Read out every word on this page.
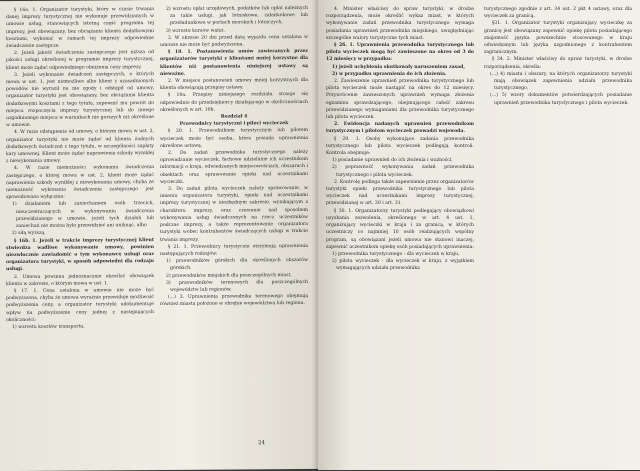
§ 16a. 1. Organizator turystyki, który w czasie trwania danej imprezy turystycznej nie wykonuje przewidzianych w umowie usług, stanowiących istotną część programu tej imprezy, jest obowiązany, bez obciążania klienta dodatkowymi kosztami, wykonać w ramach tej imprezy odpowiednie świadczenie zastępcze.

2. Jeżeli jakość świadczenia zastępczego jest niższa od jakości usługi określonej w programie imprezy turystycznej, klient może żądać odpowiedniego obniżenia ceny imprezy.

3. Jeżeli wykonanie świadczeń zastępczych, o których mowa w ust. 1, jest niemożliwe albo klient z uzasadnionych powodów nie wyraził na nie zgody i odstąpił od umowy, organizator turystyki jest obowiązany, bez obciążania klienta dodatkowymi kosztami z tego tytułu, zapewnić mu powrót do miejsca rozpoczęcia imprezy turystycznej lub do innego uzgodnionego miejsca w warunkach nie gorszych niż określone w umowie.

4. W razie odstąpienia od umowy, o którym mowa w ust. 2, organizator turystyki nie może żądać od klienta żadnych dodatkowych świadczeń z tego tytułu, w szczególności zapłaty kary umownej. Klient może żądać naprawienia szkody wynikłej z niewykonania umowy.

4. W razie niemożności wykonania świadczenia zastępczego, o której mowa w ust. 2, klient może żądać naprawienia szkody wynikłej z niewykonania umowy, chyba że niemożność wykonania świadczenia zastępczego jest spowodowana wyłącznie:

1) działaniem lub zaniechaniem osób trzecich, nieuczestniczących w wykonywaniu świadczenia przewidzianego w umowie, jeżeli tych działań lub zaniechań nie można było przewidzieć ani uniknąć, albo

2) siłą wyższą.

§ 16b. 1. Jeżeli w trakcie imprezy turystycznej klient stwierdza wadliwe wykonywanie umowy, powinien niezwłocznie zawiadomić o tym wykonawcę usługi oraz organizatora turystyki, w sposób odpowiedni dla rodzaju usługi.

2. Umowa powinna jednoznacznie określać obowiązek klienta w zakresie, o którym mowa w ust. 1.

§ 17. 1. Cena ustalona w umowie nie może być podwyższona, chyba że umowa wyraźnie przewiduje możliwość podwyższenia ceny, a organizator turystyki udokumentuje wpływ na podwyższenie ceny jednej z następujących okoliczności:

1) wzrostu kosztów transportu,

2) wzrostu opłat urzędowych, podatków lub opłat należnych za takie usługi, jak lotniskowe, załadunkowe lub przeładunkowe w portach morskich i lotniczych,

3) wzrostu kursów walut.

2. W okresie 20 dni przed datą wyjazdu cena ustalona w umowie nie może być podwyższona.

§ 18. 1. Postanowienia umów zawieranych przez organizatorów turystyki z klientami mniej korzystne dla klientów niż postanowienia niniejszej ustawy są nieważne.

2. W miejsce postanowień umowy mniej korzystnych dla klienta obowiązują przepisy ustawy.

§ 18a. Przepisy niniejszego rozdziału stosuje się odpowiednio do przedsiębiorcy działającego w okolicznościach określonych w art. 10b.

Rozdział 4

Przewodnicy turystyczni i piloci wycieczek

§ 20. 1. Przewodnikiem turystycznym lub pilotem wycieczek może być osoba, która posiada uprawnienia określone ustawą.

2. Do zadań przewodnika turystycznego należy oprowadzanie wycieczek, fachowe udzielanie ich uczestnikom informacji o kraju, odwiedzanych miejscowościach, obszarach i obiektach oraz sprawowanie opieki nad uczestnikami wycieczki.

3. Do zadań pilota wycieczek należy sprawowanie, w imieniu organizatora turystyki, opieki nad uczestnikami imprezy turystycznej w niezbędnym zakresie, wynikającym z charakteru imprezy, oraz czuwanie nad sposobem wykonywania usług świadczonych na rzecz uczestników podczas imprezy, a także reprezentowanie organizatora turystyki wobec kontrahentów świadczących usługi w trakcie trwania imprezy.

§ 21. 1. Przewodnicy turystyczni otrzymują uprawnienia następujących rodzajów:

1) przewodników górskich dla określonych obszarów górskich,

2) przewodników miejskich dla poszczególnych miast,

3) przewodników terenowych dla poszczególnych województw lub regionów.

(...) 3. Uprawnienia przewodnika terenowego obejmują również miasta położone w obrębie województwa lub regionu.

24

4. Minister właściwy do spraw turystyki, w drodze rozporządzenia, może określić wykaz miast, w których wykonywanie zadań przewodnika turystycznego wymaga posiadania uprawnień przewodnika miejskiego, uwzględniając szczególne walory turystyczne tych miast.

§ 26. 1. Uprawnienia przewodnika turystycznego lub pilota wycieczek mogą być zawieszone na okres od 3 do 12 miesięcy w przypadku:

1) jeżeli uchybienia skutkowały naruszeniem zasad,

2) w przypadku uprawnienia do ich złożenia.

2. Zawieszenie uprawnień przewodnika turystycznego lub pilota wycieczek może nastąpić na okres do 12 miesięcy. Przywrócenie zawieszonych uprawnień wymaga złożenia egzaminu sprawdzającego, obejmującego całość zakresu przewidzianego wymaganiami dla przewodnika turystycznego lub pilota wycieczek.

2. Ewidencja nadanych uprawnień przewodnikom turystycznym i pilotom wycieczek prowadzi wojewoda.

§ 29. 1. Osoby wykonujące zadania przewodnika turystycznego lub pilota wycieczek podlegają kontroli. Kontrola obejmuje:

1) posiadanie uprawnień do ich złożenia i ważności,

2) poprawność wykonywania zadań przewodnika turystycznego i pilota wycieczek.

2. Kontrolę podlega także zapewnienie przez organizatorów turystyki opieki przewodnika turystycznego lub pilota wycieczek nad uczestnikami imprezy turystycznej, przewidzianej w art. 30 i art. 31.

§ 30. 1. Organizatorzy turystyki podlegający obowiązkowi uzyskania zezwolenia, określonego w art. 4 ust. 1, organizujący wycieczki w kraju i za granicą, w których uczestniczy co najmniej 10 osób realizujących wspólny program, są obowiązani jeżeli umowa nie stanowi inaczej, zapewnić uczestnikom opiekę osób posiadających uprawnienia:

1) przewodnika turystycznego - dla wycieczek w kraju,

2) pilota wycieczek - dla wycieczek w kraju, z wyjątkiem wymagających udziału przewodnika

turystycznego zgodnie z art. 34 ust. 2 pkt 4 ustawy, oraz dla wycieczek za granicą.

§31. 1. Organizator turystyki organizujący wycieczkę za granicę jest obowiązany zapewnić opiekę pilota posiadającego znajomość języka powszechnie stosowanego w kraju odwiedzanym lub języka uzgodnionego z kontrahentem zagranicznym.

§ 34. 2. Minister właściwy do spraw turystyki, w drodze rozporządzenia, określa:

(...) 4) miasta i obszary, na których organizatorzy turystyki mają obowiązek zapewnienia udziału przewodnika turystycznego,

(...) 5) wzory dokumentów potwierdzających posiadanie uprawnień przewodnika turystycznego i pilota wycieczek.
